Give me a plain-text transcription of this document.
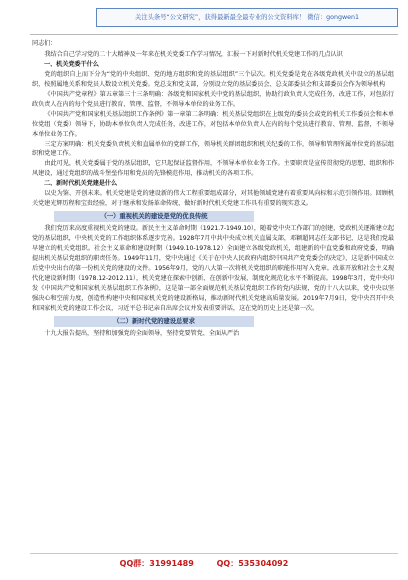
关注头条号“公文研究”，获得最新最全最专业的公文资料库！ 微信：gongwen1

同志们：

我结合自己学习党的二十大精神及一年来在机关党委工作学习情况，汇报一下对新时代机关党建工作的几点认识

一、机关党委干什么

党的组织自上而下分为“党的中央组织、党的地方组织和党的基层组织”三个层次。机关党委是党在各级党政机关中设立的基层组织，按照属地关系和党员人数设立机关党委。党总支和党支部，分别设立党的基层委员会、总支部委员会和支部委员会作为领导机构

《中国共产党章程》第五章第三十三条明确：各级党和国家机关中党的基层组织，协助行政负责人完成任务，改进工作，对包括行政负责人在内的每个党员进行教育、管理、监督，不领导本单位的业务工作。

《中国共产党和国家机关基层组织工作条例》第一章第二条明确：机关基层党组织在上级党的委员会或党的机关工作委员会和本单位党组（党委）领导下，协助本单位负责人完成任务，改进工作，对包括本单位负责人在内的每个党员进行教育、管理、监督，不领导本单位业务工作。

三定方案明确：机关党委负责机关和直属单位的党群工作，领导机关群团组织和机关纪委的工作，领导和管理所属单位党的基层组织和党建工作。

由此可见，机关党委属于党的基层组织，它只起保证监督作用，不领导本单位业务工作。主要职责是宣传贯彻党的思想、组织和作风建设，通过党组织的战斗堡垒作用和党员的先锋模范作用，推动机关的各项工作。

二、新时代机关党建是什么

以史为鉴、开创未来。机关党建是党的建设新的伟大工程重要组成部分，对其他领域党建有着重要风向标和示范引领作用。回顾机关党建光辉历程和宝贵经验，对于继承和发扬革命传统，做好新时代机关党建工作具有重要的现实意义。

（一）重视机关的建设是党的优良传统

我们党历来高度重视机关党的建设。新民主主义革命时期（1921.7-1949.10），随着党中央工作部门的创建，党政机关逐渐建立起党的基层组织，中央机关党的工作组织体系逐步完善。1928年7月中共中央成立机关直属支部，邓颖超同志任支部书记，这是我们党最早建立的机关党组织。社会主义革命和建设时期（1949.10-1978.12）全面建立各级党政机关，组建新的中直党委和政府党委，明确提出机关基层党组织的职责任务。1949年11月，党中央通过《关于在中央人民政府内组织中国共产党党委会的决定》，这是新中国成立后党中央出台的第一份机关党的建设的文件。1956年9月，党的八大第一次将机关党组织的职能作用写入党章。改革开放和社会主义现代化建设新时期（1978.12-2012.11），机关党建在探索中创新、在创新中发展，制度化规范化水平不断提高。1998年3月，党中央印发《中国共产党和国家机关基层组织工作条例》，这是第一部全面规范机关基层党组织工作的党内法规，党的十八大以来，党中央以坚强决心和空前力度，创造性构建中央和国家机关党的建设新格局，推动新时代机关党建高质量发展。2019年7月9日，党中央召开中央和国家机关党的建设工作会议，习近平总书记亲自出席会议并发表重要讲话，这在党的历史上还是第一次。

（二）新时代党的建设总要求

十九大报告提出，坚持和加强党的全面领导，坚持党要管党、全面从严治

QQ群：31991489	QQ：535304092
